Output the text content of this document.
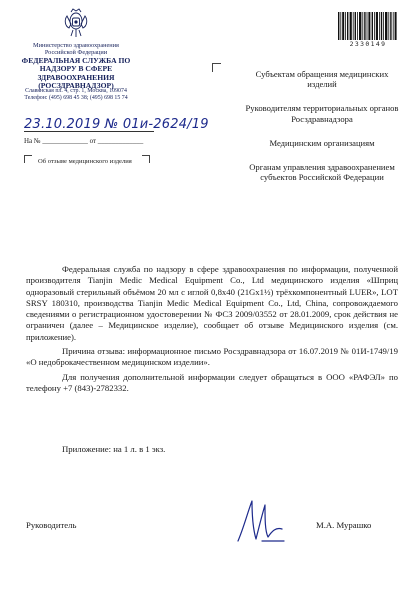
Министерство здравоохранения Российской Федерации
ФЕДЕРАЛЬНАЯ СЛУЖБА ПО НАДЗОРУ В СФЕРЕ ЗДРАВООХРАНЕНИЯ (РОСЗДРАВНАДЗОР)
Славянская пл. 4, стр. 1, Москва, 109074
Телефон: (495) 698 45 38; (495) 698 15 74
23.10.2019 № 01и-2624/19
На № _____________ от _____________
Об отзыве медицинского изделия
2330149

Субъектам обращения медицинских изделий

Руководителям территориальных органов Росздравнадзора

Медицинским организациям

Органам управления здравоохранением субъектов Российской Федерации

Федеральная служба по надзору в сфере здравоохранения по информации, полученной производителя Tianjin Medic Medical Equipment Co., Ltd медицинского изделия «Шприц одноразовый стерильный объёмом 20 мл с иглой 0,8х40 (21Gх1½) трёхкомпонентный LUER», LOT SRSY 180310, производства Tianjin Medic Medical Equipment Co., Ltd, China, сопровождаемого сведениями о регистрационном удостоверении № ФСЗ 2009/03552 от 28.01.2009, срок действия не ограничен (далее – Медицинское изделие), сообщает об отзыве Медицинского изделия (см. приложение).

Причина отзыва: информационное письмо Росздравнадзора от 16.07.2019 № 01И-1749/19 «О недоброкачественном медицинском изделии».

Для получения дополнительной информации следует обращаться в ООО «РАФЭЛ» по телефону +7 (843)-2782332.

Приложение: на 1 л. в 1 экз.
Руководитель	М.А. Мурашко
